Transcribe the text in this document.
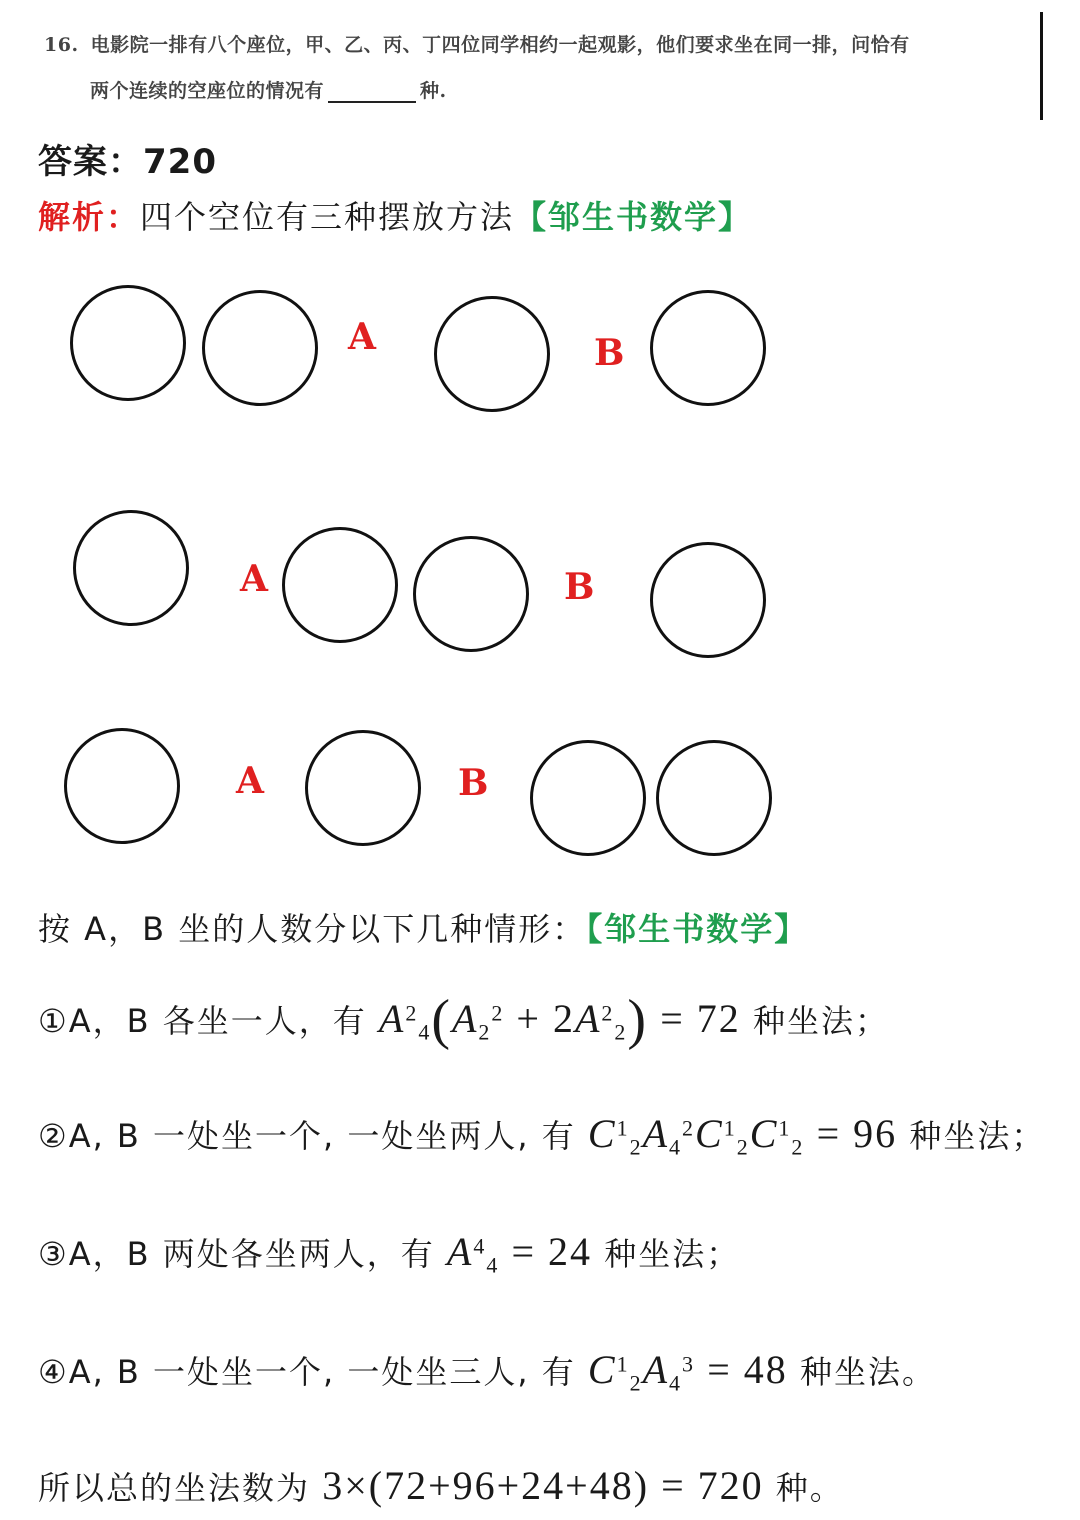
16. 电影院一排有八个座位，甲、乙、丙、丁四位同学相约一起观影，他们要求坐在同一排，问恰有
两个连续的空座位的情况有	种.
答案：720
解析：四个空位有三种摆放方法【邹生书数学】
A	B
A	B
A	B
按 A，B 坐的人数分以下几种情形：【邹生书数学】
①A，B 各坐一人，有 $A^2_4(A_2^2 + 2A^2_2) = 72$ 种坐法；
②A, B 一处坐一个, 一处坐两人, 有 $C^1_2A_4^2C^1_2C^1_2 = 96$ 种坐法；
③A，B 两处各坐两人，有 $A^4_4 = 24$ 种坐法；
④A, B 一处坐一个, 一处坐三人, 有 $C^1_2A_4^3 = 48$ 种坐法。
所以总的坐法数为 3×(72+96+24+48) = 720 种。
